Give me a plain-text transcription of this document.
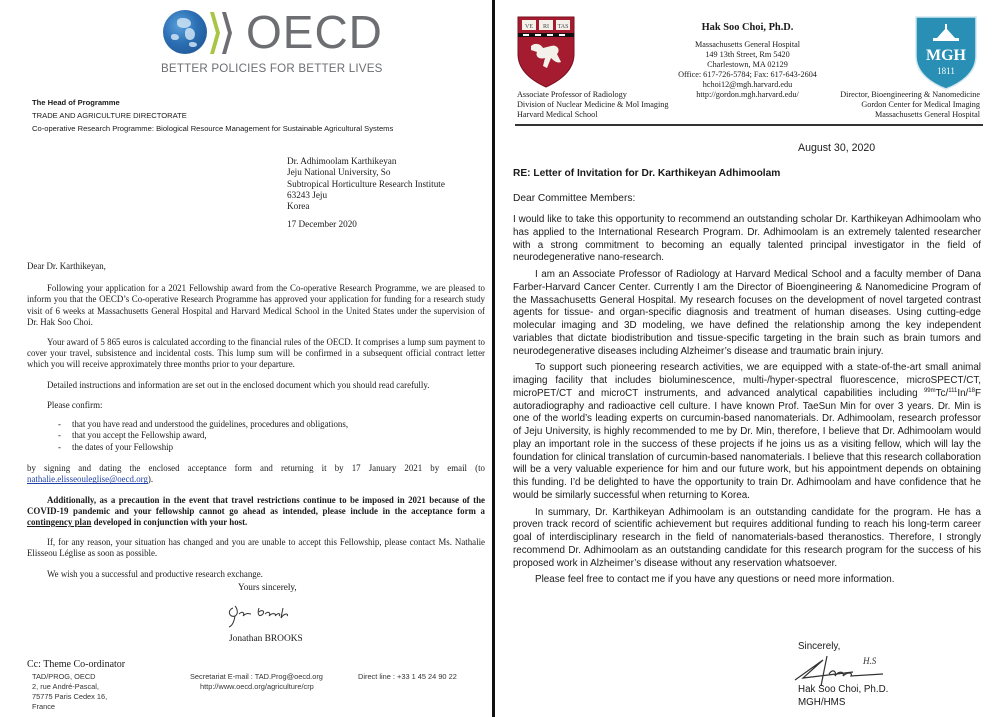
OECD
BETTER POLICIES FOR BETTER LIVES
The Head of Programme
TRADE AND AGRICULTURE DIRECTORATE
Co-operative Research Programme: Biological Resource Management for Sustainable Agricultural Systems
Dr. Adhimoolam Karthikeyan
Jeju National University, So
Subtropical Horticulture Research Institute
63243 Jeju
Korea
17 December 2020

Dear Dr. Karthikeyan,

Following your application for a 2021 Fellowship award from the Co-operative Research Programme, we are pleased to inform you that the OECD’s Co-operative Research Programme has approved your application for funding for a research study visit of 6 weeks at Massachusetts General Hospital and Harvard Medical School in the United States under the supervision of Dr. Hak Soo Choi.

Your award of 5 865 euros is calculated according to the financial rules of the OECD. It comprises a lump sum payment to cover your travel, subsistence and incidental costs. This lump sum will be confirmed in a subsequent official contract letter which you will receive approximately three months prior to your departure.

Detailed instructions and information are set out in the enclosed document which you should read carefully.

Please confirm:

- that you have read and understood the guidelines, procedures and obligations,
- that you accept the Fellowship award,
- the dates of your Fellowship

by signing and dating the enclosed acceptance form and returning it by 17 January 2021 by email (to nathalie.elisseouleglise@oecd.org).

Additionally, as a precaution in the event that travel restrictions continue to be imposed in 2021 because of the COVID-19 pandemic and your fellowship cannot go ahead as intended, please include in the acceptance form a contingency plan developed in conjunction with your host.

If, for any reason, your situation has changed and you are unable to accept this Fellowship, please contact Ms. Nathalie Elisseou Léglise as soon as possible.

We wish you a successful and productive research exchange.

Yours sincerely,
Jonathan BROOKS
Cc: Theme Co-ordinator
TAD/PROG, OECD
2, rue André-Pascal,
75775 Paris Cedex 16,
France
Secretariat E-mail : TAD.Prog@oecd.org
http://www.oecd.org/agriculture/crp
Direct line : +33 1 45 24 90 22
VE RI TAS	Hak Soo Choi, Ph.D.
Massachusetts General Hospital
149 13th Street, Rm 5420
Charlestown, MA 02129
Office: 617-726-5784; Fax: 617-643-2604
hchoi12@mgh.harvard.edu
http://gordon.mgh.harvard.edu/
Associate Professor of Radiology
Division of Nuclear Medicine & Mol Imaging
Harvard Medical School
Director, Bioengineering & Nanomedicine
Gordon Center for Medical Imaging
Massachusetts General Hospital
MGH
1811
August 30, 2020
RE: Letter of Invitation for Dr. Karthikeyan Adhimoolam
Dear Committee Members:

I would like to take this opportunity to recommend an outstanding scholar Dr. Karthikeyan Adhimoolam who has applied to the International Research Program. Dr. Adhimoolam is an extremely talented researcher with a strong commitment to becoming an equally talented principal investigator in the field of neurodegenerative nano-research.

I am an Associate Professor of Radiology at Harvard Medical School and a faculty member of Dana Farber-Harvard Cancer Center. Currently I am the Director of Bioengineering & Nanomedicine Program of the Massachusetts General Hospital. My research focuses on the development of novel targeted contrast agents for tissue- and organ-specific diagnosis and treatment of human diseases. Using cutting-edge molecular imaging and 3D modeling, we have defined the relationship among the key independent variables that dictate biodistribution and tissue-specific targeting in the brain such as brain tumors and neurodegenerative diseases including Alzheimer’s disease and traumatic brain injury.

To support such pioneering research activities, we are equipped with a state-of-the-art small animal imaging facility that includes bioluminescence, multi-/hyper-spectral fluorescence, microSPECT/CT, microPET/CT and microCT instruments, and advanced analytical capabilities including $^{99m}$Tc/$^{111}$In/$^{18}$F autoradiography and radioactive cell culture. I have known Prof. TaeSun Min for over 3 years. Dr. Min is one of the world’s leading experts on curcumin-based nanomaterials. Dr. Adhimoolam, research professor of Jeju University, is highly recommended to me by Dr. Min, therefore, I believe that Dr. Adhimoolam would play an important role in the success of these projects if he joins us as a visiting fellow, which will lay the foundation for clinical translation of curcumin-based nanomaterials. I believe that this research collaboration will be a very valuable experience for him and our future work, but his appointment depends on obtaining this funding. I’d be delighted to have the opportunity to train Dr. Adhimoolam and have confidence that he would be similarly successful when returning to Korea.

In summary, Dr. Karthikeyan Adhimoolam is an outstanding candidate for the program. He has a proven track record of scientific achievement but requires additional funding to reach his long-term career goal of interdisciplinary research in the field of nanomaterials-based theranostics. Therefore, I strongly recommend Dr. Adhimoolam as an outstanding candidate for this research program for the success of his proposed work in Alzheimer’s disease without any reservation whatsoever.

Please feel free to contact me if you have any questions or need more information.

Sincerely,
H.S
Hak Soo Choi, Ph.D.
MGH/HMS
